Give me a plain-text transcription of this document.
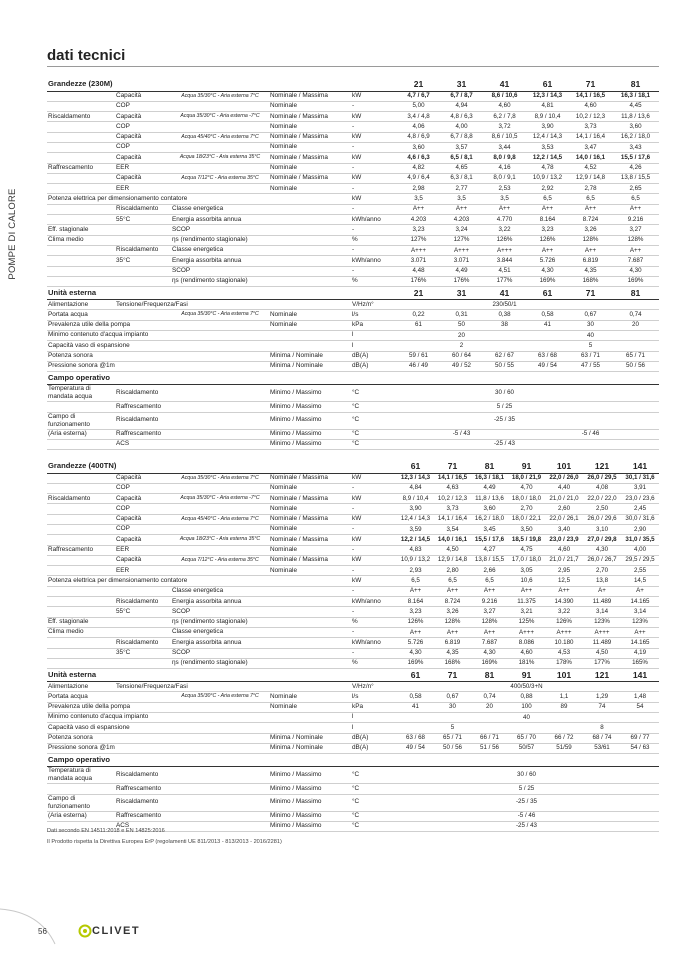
dati tecnici
POMPE DI CALORE
Grandezze (230M)					21	31	41	61	71	81
	Capacità	Acqua 35/30°C - Aria esterna 7°C	Nominale / Massima	kW	4,7 / 6,7	6,7 / 8,7	8,6 / 10,6	12,3 / 14,3	14,1 / 16,5	16,3 / 18,1
	COP		Nominale	-	5,00	4,94	4,60	4,81	4,60	4,45
Riscaldamento	Capacità	Acqua 35/30°C - Aria esterna -7°C	Nominale / Massima	kW	3,4 / 4,8	4,8 / 6,3	6,2 / 7,8	8,9 / 10,4	10,2 / 12,3	11,8 / 13,6
	COP		Nominale	-	4,06	4,00	3,72	3,90	3,73	3,60
	Capacità	Acqua 45/40°C - Aria esterna 7°C	Nominale / Massima	kW	4,8 / 6,9	6,7 / 8,8	8,6 / 10,5	12,4 / 14,3	14,1 / 16,4	16,2 / 18,0
	COP		Nominale	-	3,60	3,57	3,44	3,53	3,47	3,43
	Capacità	Acqua 18/23°C - Aria esterna 35°C	Nominale / Massima	kW	4,6 / 6,3	6,5 / 8,1	8,0 / 9,8	12,2 / 14,5	14,0 / 16,1	15,5 / 17,6
Raffrescamento	EER		Nominale	-	4,82	4,65	4,16	4,78	4,52	4,26
	Capacità	Acqua 7/12°C - Aria esterna 35°C	Nominale / Massima	kW	4,9 / 6,4	6,3 / 8,1	8,0 / 9,1	10,9 / 13,2	12,9 / 14,8	13,8 / 15,5
	EER		Nominale	-	2,98	2,77	2,53	2,92	2,78	2,65
Potenza elettrica per dimensionamento contatore				kW	3,5	3,5	3,5	6,5	6,5	6,5
	Riscaldamento	Classe energetica		-	A++	A++	A++	A++	A++	A++
	55°C	Energia assorbita annua		kWh/anno	4.203	4.203	4.770	8.164	8.724	9.216
Eff. stagionale		SCOP		-	3,23	3,24	3,22	3,23	3,26	3,27
Clima medio		ηs (rendimento stagionale)		%	127%	127%	126%	126%	128%	128%
	Riscaldamento	Classe energetica		-	A+++	A+++	A+++	A++	A++	A++
	35°C	Energia assorbita annua		kWh/anno	3.071	3.071	3.844	5.726	6.819	7.687
		SCOP		-	4,48	4,49	4,51	4,30	4,35	4,30
		ηs (rendimento stagionale)		%	176%	176%	177%	169%	168%	169%
Unità esterna					21	31	41	61	71	81
Alimentazione	Tensione/Frequenza/Fasi			V/Hz/n°			230/50/1			
Portata acqua		Acqua 35/30°C - Aria esterna 7°C	Nominale	l/s	0,22	0,31	0,38	0,58	0,67	0,74
Prevalenza utile della pompa			Nominale	kPa	61	50	38	41	30	20
Minimo contenuto d'acqua impianto				l		20			40	
Capacità vaso di espansione				l		2			5	
Potenza sonora			Minima / Nominale	dB(A)	59 / 61	60 / 64	62 / 67	63 / 68	63 / 71	65 / 71
Pressione sonora @1m			Minima / Nominale	dB(A)	46 / 49	49 / 52	50 / 55	49 / 54	47 / 55	50 / 56
Campo operativo										
Temperatura di mandata acqua	Riscaldamento		Minimo / Massimo	°C			30 / 60			
	Raffrescamento		Minimo / Massimo	°C			5 / 25			
Campo di funzionamento	Riscaldamento		Minimo / Massimo	°C			-25 / 35			
(Aria esterna)	Raffrescamento		Minimo / Massimo	°C		-5 / 43			-5 / 46	
	ACS		Minimo / Massimo	°C			-25 / 43			
Grandezze (400TN)					61	71	81	91	101	121	141
	Capacità	Acqua 35/30°C - Aria esterna 7°C	Nominale / Massima	kW	12,3 / 14,3	14,1 / 16,5	16,3 / 18,1	18,0 / 21,9	22,0 / 26,0	26,0 / 29,5	30,1 / 31,6
	COP		Nominale	-	4,84	4,63	4,49	4,70	4,40	4,08	3,91
Riscaldamento	Capacità	Acqua 35/30°C - Aria esterna -7°C	Nominale / Massima	kW	8,9 / 10,4	10,2 / 12,3	11,8 / 13,6	18,0 / 18,0	21,0 / 21,0	22,0 / 22,0	23,0 / 23,6
	COP		Nominale	-	3,90	3,73	3,60	2,70	2,60	2,50	2,45
	Capacità	Acqua 45/40°C - Aria esterna 7°C	Nominale / Massima	kW	12,4 / 14,3	14,1 / 16,4	16,2 / 18,0	18,0 / 22,1	22,0 / 26,1	26,0 / 29,6	30,0 / 31,6
	COP		Nominale	-	3,59	3,54	3,45	3,50	3,40	3,10	2,90
	Capacità	Acqua 18/23°C - Aria esterna 35°C	Nominale / Massima	kW	12,2 / 14,5	14,0 / 16,1	15,5 / 17,6	18,5 / 19,8	23,0 / 23,9	27,0 / 29,8	31,0 / 35,5
Raffrescamento	EER		Nominale	-	4,83	4,50	4,27	4,75	4,60	4,30	4,00
	Capacità	Acqua 7/12°C - Aria esterna 35°C	Nominale / Massima	kW	10,9 / 13,2	12,9 / 14,8	13,8 / 15,5	17,0 / 18,0	21,0 / 21,7	26,0 / 26,7	29,5 / 29,5
	EER		Nominale	-	2,93	2,80	2,66	3,05	2,95	2,70	2,55
Potenza elettrica per dimensionamento contatore				kW	6,5	6,5	6,5	10,6	12,5	13,8	14,5
		Classe energetica		-	A++	A++	A++	A++	A++	A+	A+
	Riscaldamento	Energia assorbita annua		kWh/anno	8.164	8.724	9.216	11.375	14.390	11.489	14.165
	55°C	SCOP		-	3,23	3,26	3,27	3,21	3,22	3,14	3,14
Eff. stagionale		ηs (rendimento stagionale)		%	126%	128%	128%	125%	126%	123%	123%
Clima medio		Classe energetica		-	A++	A++	A++	A+++	A+++	A+++	A++
	Riscaldamento	Energia assorbita annua		kWh/anno	5.726	6.819	7.687	8.086	10.180	11.489	14.165
	35°C	SCOP		-	4,30	4,35	4,30	4,60	4,53	4,50	4,19
		ηs (rendimento stagionale)		%	169%	168%	169%	181%	178%	177%	165%
Unità esterna					61	71	81	91	101	121	141
Alimentazione	Tensione/Frequenza/Fasi			V/Hz/n°				400/50/3+N			
Portata acqua		Acqua 35/30°C - Aria esterna 7°C	Nominale	l/s	0,58	0,67	0,74	0,88	1,1	1,29	1,48
Prevalenza utile della pompa			Nominale	kPa	41	30	20	100	89	74	54
Minimo contenuto d'acqua impianto				l				40			
Capacità vaso di espansione				l		5				8	
Potenza sonora			Minima / Nominale	dB(A)	63 / 68	65 / 71	66 / 71	65 / 70	66 / 72	68 / 74	69 / 77
Pressione sonora @1m			Minima / Nominale	dB(A)	49 / 54	50 / 56	51 / 56	50/57	51/59	53/61	54 / 63
Campo operativo											
Temperatura di mandata acqua	Riscaldamento		Minimo / Massimo	°C				30 / 60			
	Raffrescamento		Minimo / Massimo	°C				5 / 25			
Campo di funzionamento	Riscaldamento		Minimo / Massimo	°C				-25 / 35			
(Aria esterna)	Raffrescamento		Minimo / Massimo	°C				-5 / 46			
	ACS		Minimo / Massimo	°C				-25 / 43			
Dati secondo EN 14511:2018 e EN 14825:2016
Il Prodotto rispetta la Direttiva Europea ErP (regolamenti UE 811/2013 - 813/2013 - 2016/2281)
56	CLIVET
